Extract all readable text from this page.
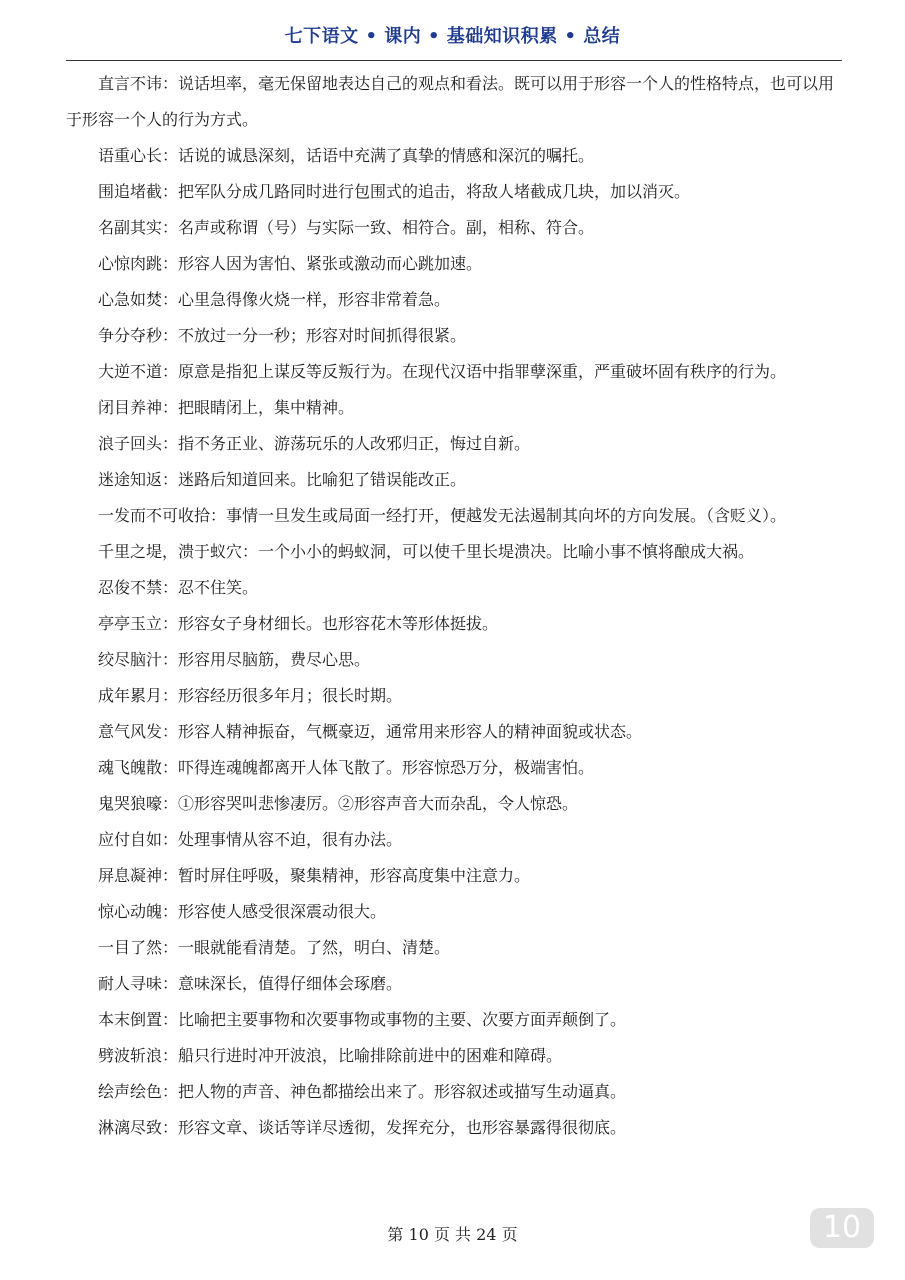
七下语文 • 课内 • 基础知识积累 • 总结

直言不讳：说话坦率，毫无保留地表达自己的观点和看法。既可以用于形容一个人的性格特点，也可以用于形容一个人的行为方式。

语重心长：话说的诚恳深刻，话语中充满了真挚的情感和深沉的嘱托。

围追堵截：把军队分成几路同时进行包围式的追击，将敌人堵截成几块，加以消灭。

名副其实：名声或称谓（号）与实际一致、相符合。副，相称、符合。

心惊肉跳：形容人因为害怕、紧张或激动而心跳加速。

心急如焚：心里急得像火烧一样，形容非常着急。

争分夺秒：不放过一分一秒；形容对时间抓得很紧。

大逆不道：原意是指犯上谋反等反叛行为。在现代汉语中指罪孽深重，严重破坏固有秩序的行为。

闭目养神：把眼睛闭上，集中精神。

浪子回头：指不务正业、游荡玩乐的人改邪归正，悔过自新。

迷途知返：迷路后知道回来。比喻犯了错误能改正。

一发而不可收拾：事情一旦发生或局面一经打开，便越发无法遏制其向坏的方向发展。（含贬义）。

千里之堤，溃于蚁穴：一个小小的蚂蚁洞，可以使千里长堤溃决。比喻小事不慎将酿成大祸。

忍俊不禁：忍不住笑。

亭亭玉立：形容女子身材细长。也形容花木等形体挺拔。

绞尽脑汁：形容用尽脑筋，费尽心思。

成年累月：形容经历很多年月；很长时期。

意气风发：形容人精神振奋，气概豪迈，通常用来形容人的精神面貌或状态。

魂飞魄散：吓得连魂魄都离开人体飞散了。形容惊恐万分，极端害怕。

鬼哭狼嚎：①形容哭叫悲惨凄厉。②形容声音大而杂乱，令人惊恐。

应付自如：处理事情从容不迫，很有办法。

屏息凝神：暂时屏住呼吸，聚集精神，形容高度集中注意力。

惊心动魄：形容使人感受很深震动很大。

一目了然：一眼就能看清楚。了然，明白、清楚。

耐人寻味：意味深长，值得仔细体会琢磨。

本末倒置：比喻把主要事物和次要事物或事物的主要、次要方面弄颠倒了。

劈波斩浪：船只行进时冲开波浪，比喻排除前进中的困难和障碍。

绘声绘色：把人物的声音、神色都描绘出来了。形容叙述或描写生动逼真。

淋漓尽致：形容文章、谈话等详尽透彻，发挥充分，也形容暴露得很彻底。

第 10 页 共 24 页	10
